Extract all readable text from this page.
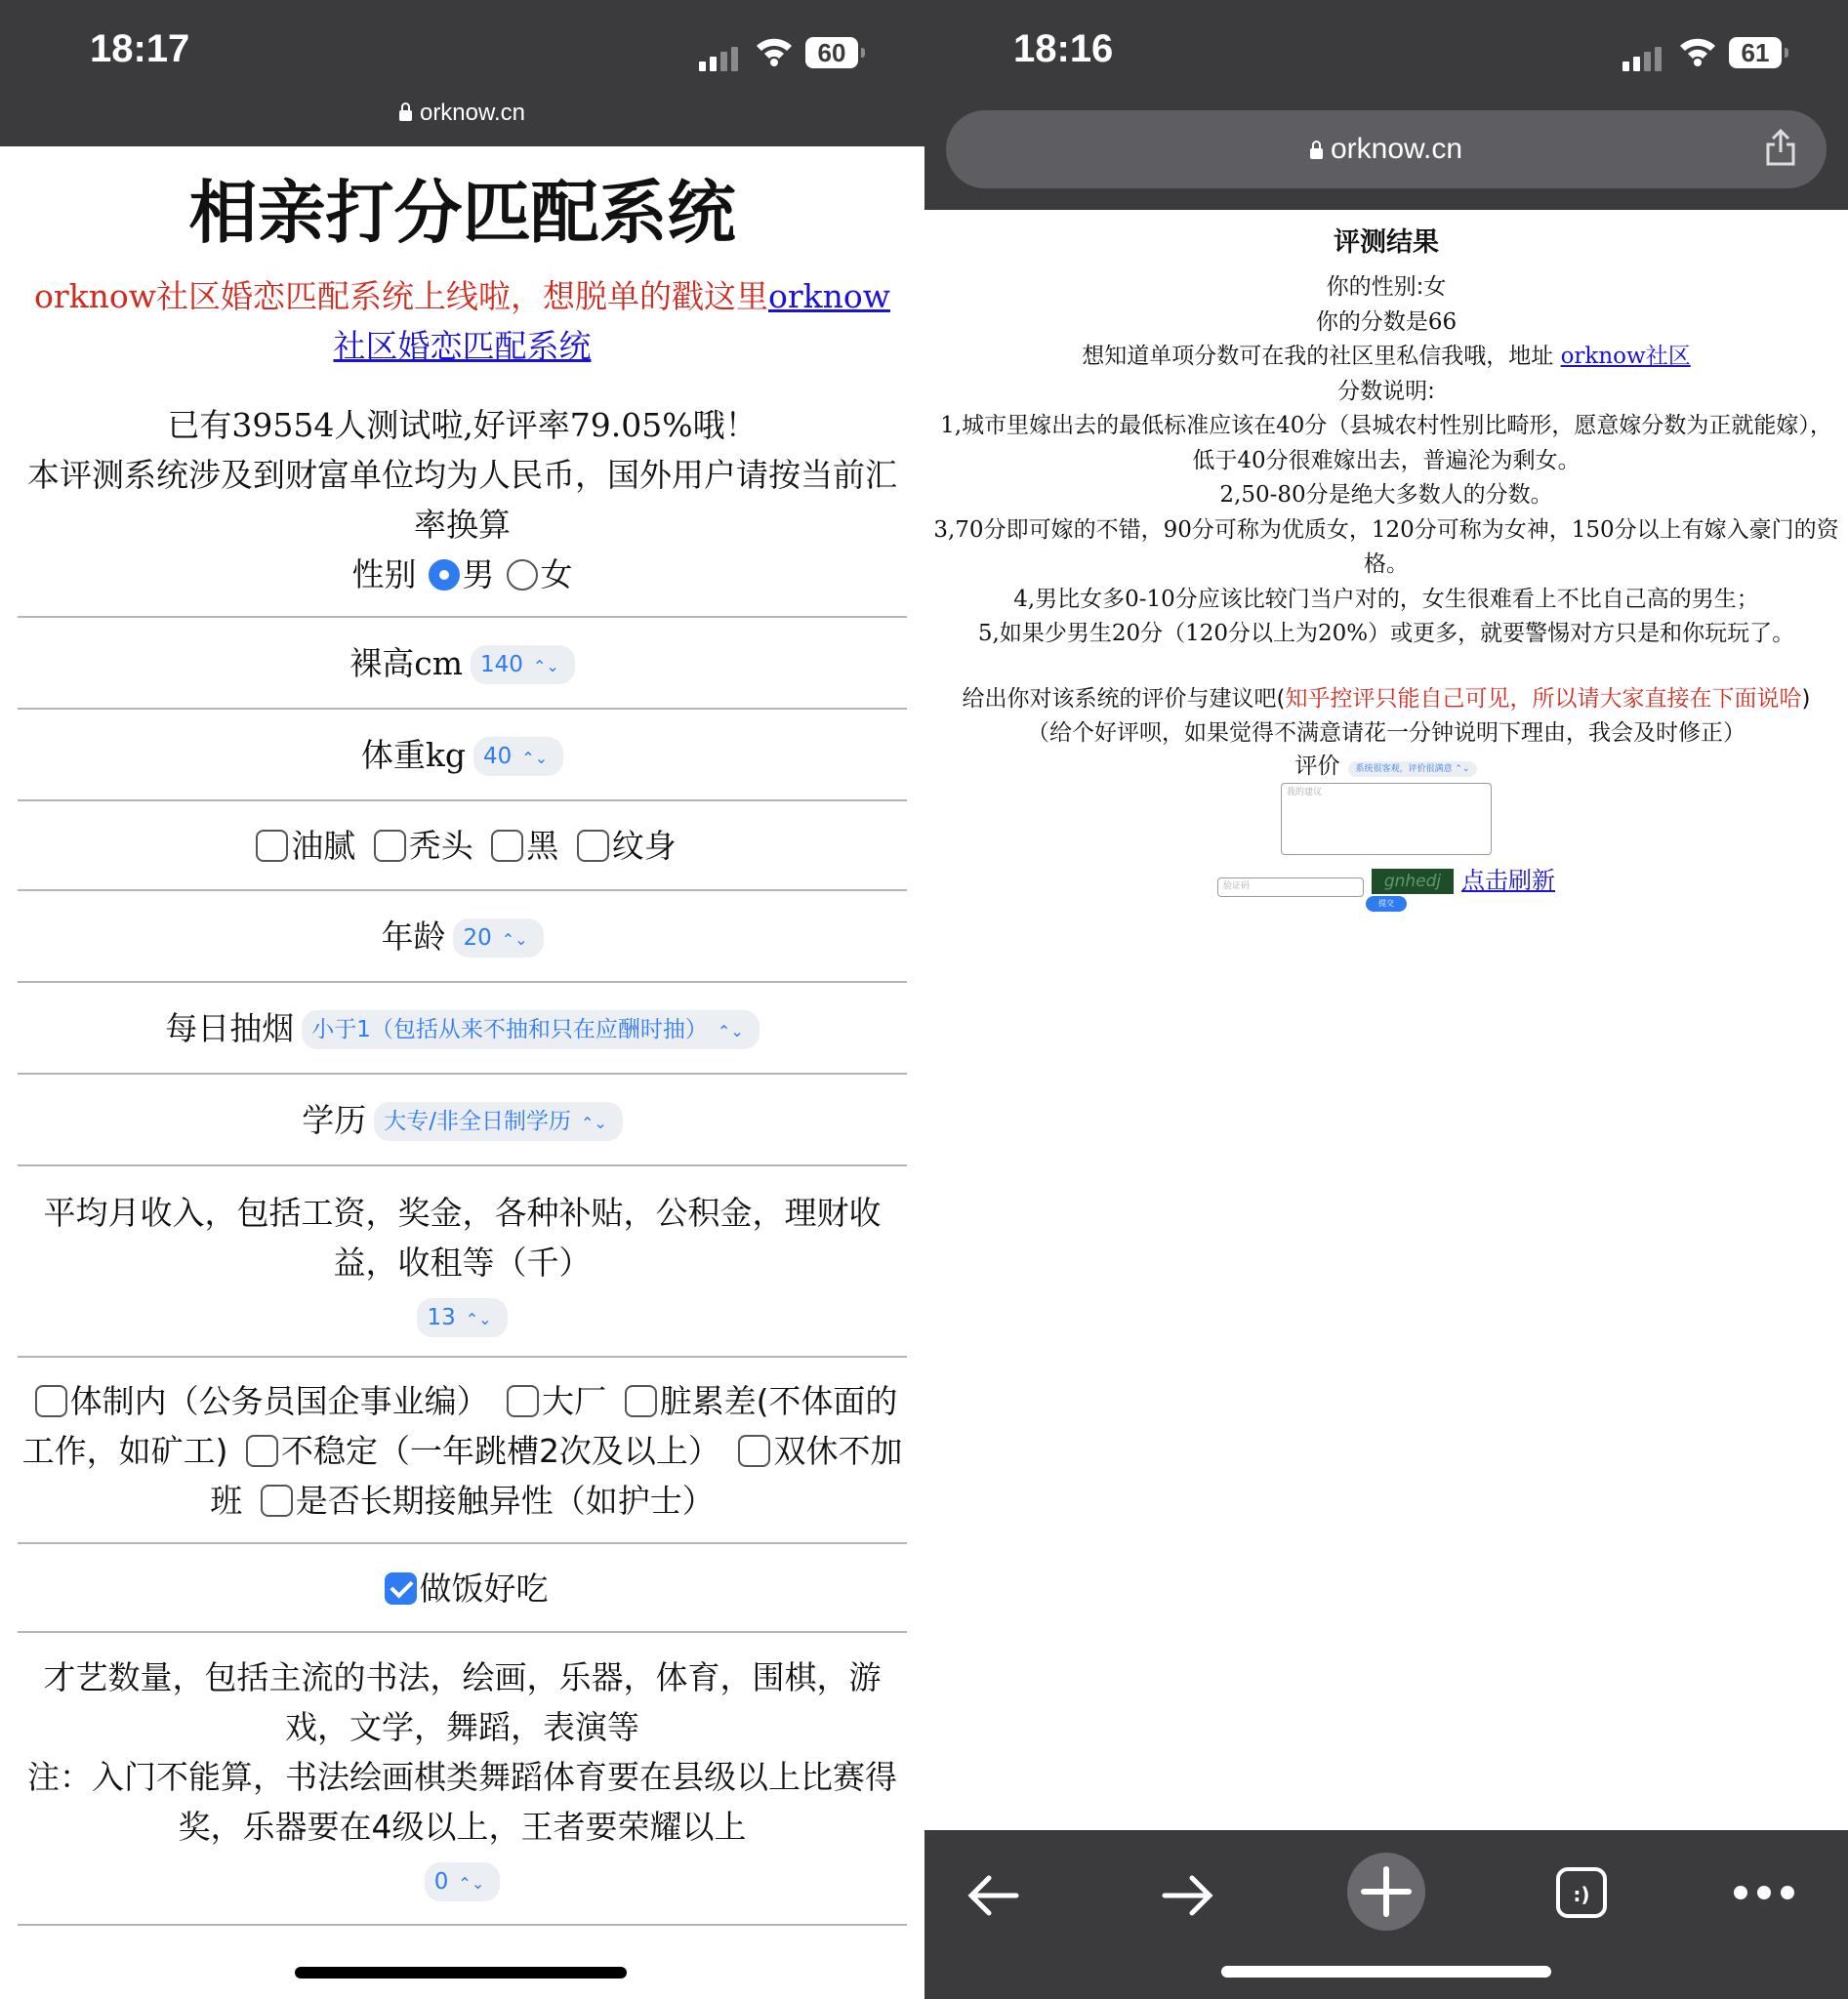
18:17	60
orknow.cn
相亲打分匹配系统
orknow社区婚恋匹配系统上线啦，想脱单的戳这里orknow社区婚恋匹配系统
已有39554人测试啦,好评率79.05%哦！
本评测系统涉及到财富单位均为人民币，国外用户请按当前汇率换算
性别 男 女
裸高cm 140 ⌃⌄
体重kg 40 ⌃⌄
油腻 秃头 黑 纹身
年龄 20 ⌃⌄
每日抽烟 小于1（包括从来不抽和只在应酬时抽） ⌃⌄
学历 大专/非全日制学历 ⌃⌄
平均月收入，包括工资，奖金，各种补贴，公积金，理财收益，收租等（千）
13 ⌃⌄
体制内（公务员国企事业编） 大厂 脏累差(不体面的工作，如矿工) 不稳定（一年跳槽2次及以上） 双休不加班 是否长期接触异性（如护士）
做饭好吃
才艺数量，包括主流的书法，绘画，乐器，体育，围棋，游戏，文学，舞蹈，表演等
注：入门不能算，书法绘画棋类舞蹈体育要在县级以上比赛得奖，乐器要在4级以上，王者要荣耀以上
0 ⌃⌄
18:16	61
orknow.cn
评测结果
你的性别:女
你的分数是66
想知道单项分数可在我的社区里私信我哦，地址 orknow社区
分数说明:
1,城市里嫁出去的最低标准应该在40分（县城农村性别比畸形，愿意嫁分数为正就能嫁），低于40分很难嫁出去，普遍沦为剩女。
2,50-80分是绝大多数人的分数。
3,70分即可嫁的不错，90分可称为优质女，120分可称为女神，150分以上有嫁入豪门的资格。
4,男比女多0-10分应该比较门当户对的，女生很难看上不比自己高的男生；
5,如果少男生20分（120分以上为20%）或更多，就要警惕对方只是和你玩玩了。
给出你对该系统的评价与建议吧(知乎控评只能自己可见，所以请大家直接在下面说哈)
（给个好评呗，如果觉得不满意请花一分钟说明下理由，我会及时修正）
评价 系统很客观，评价很满意 ⌃⌄
我的建议
验证码	gnhedj 点击刷新
提交
:)
